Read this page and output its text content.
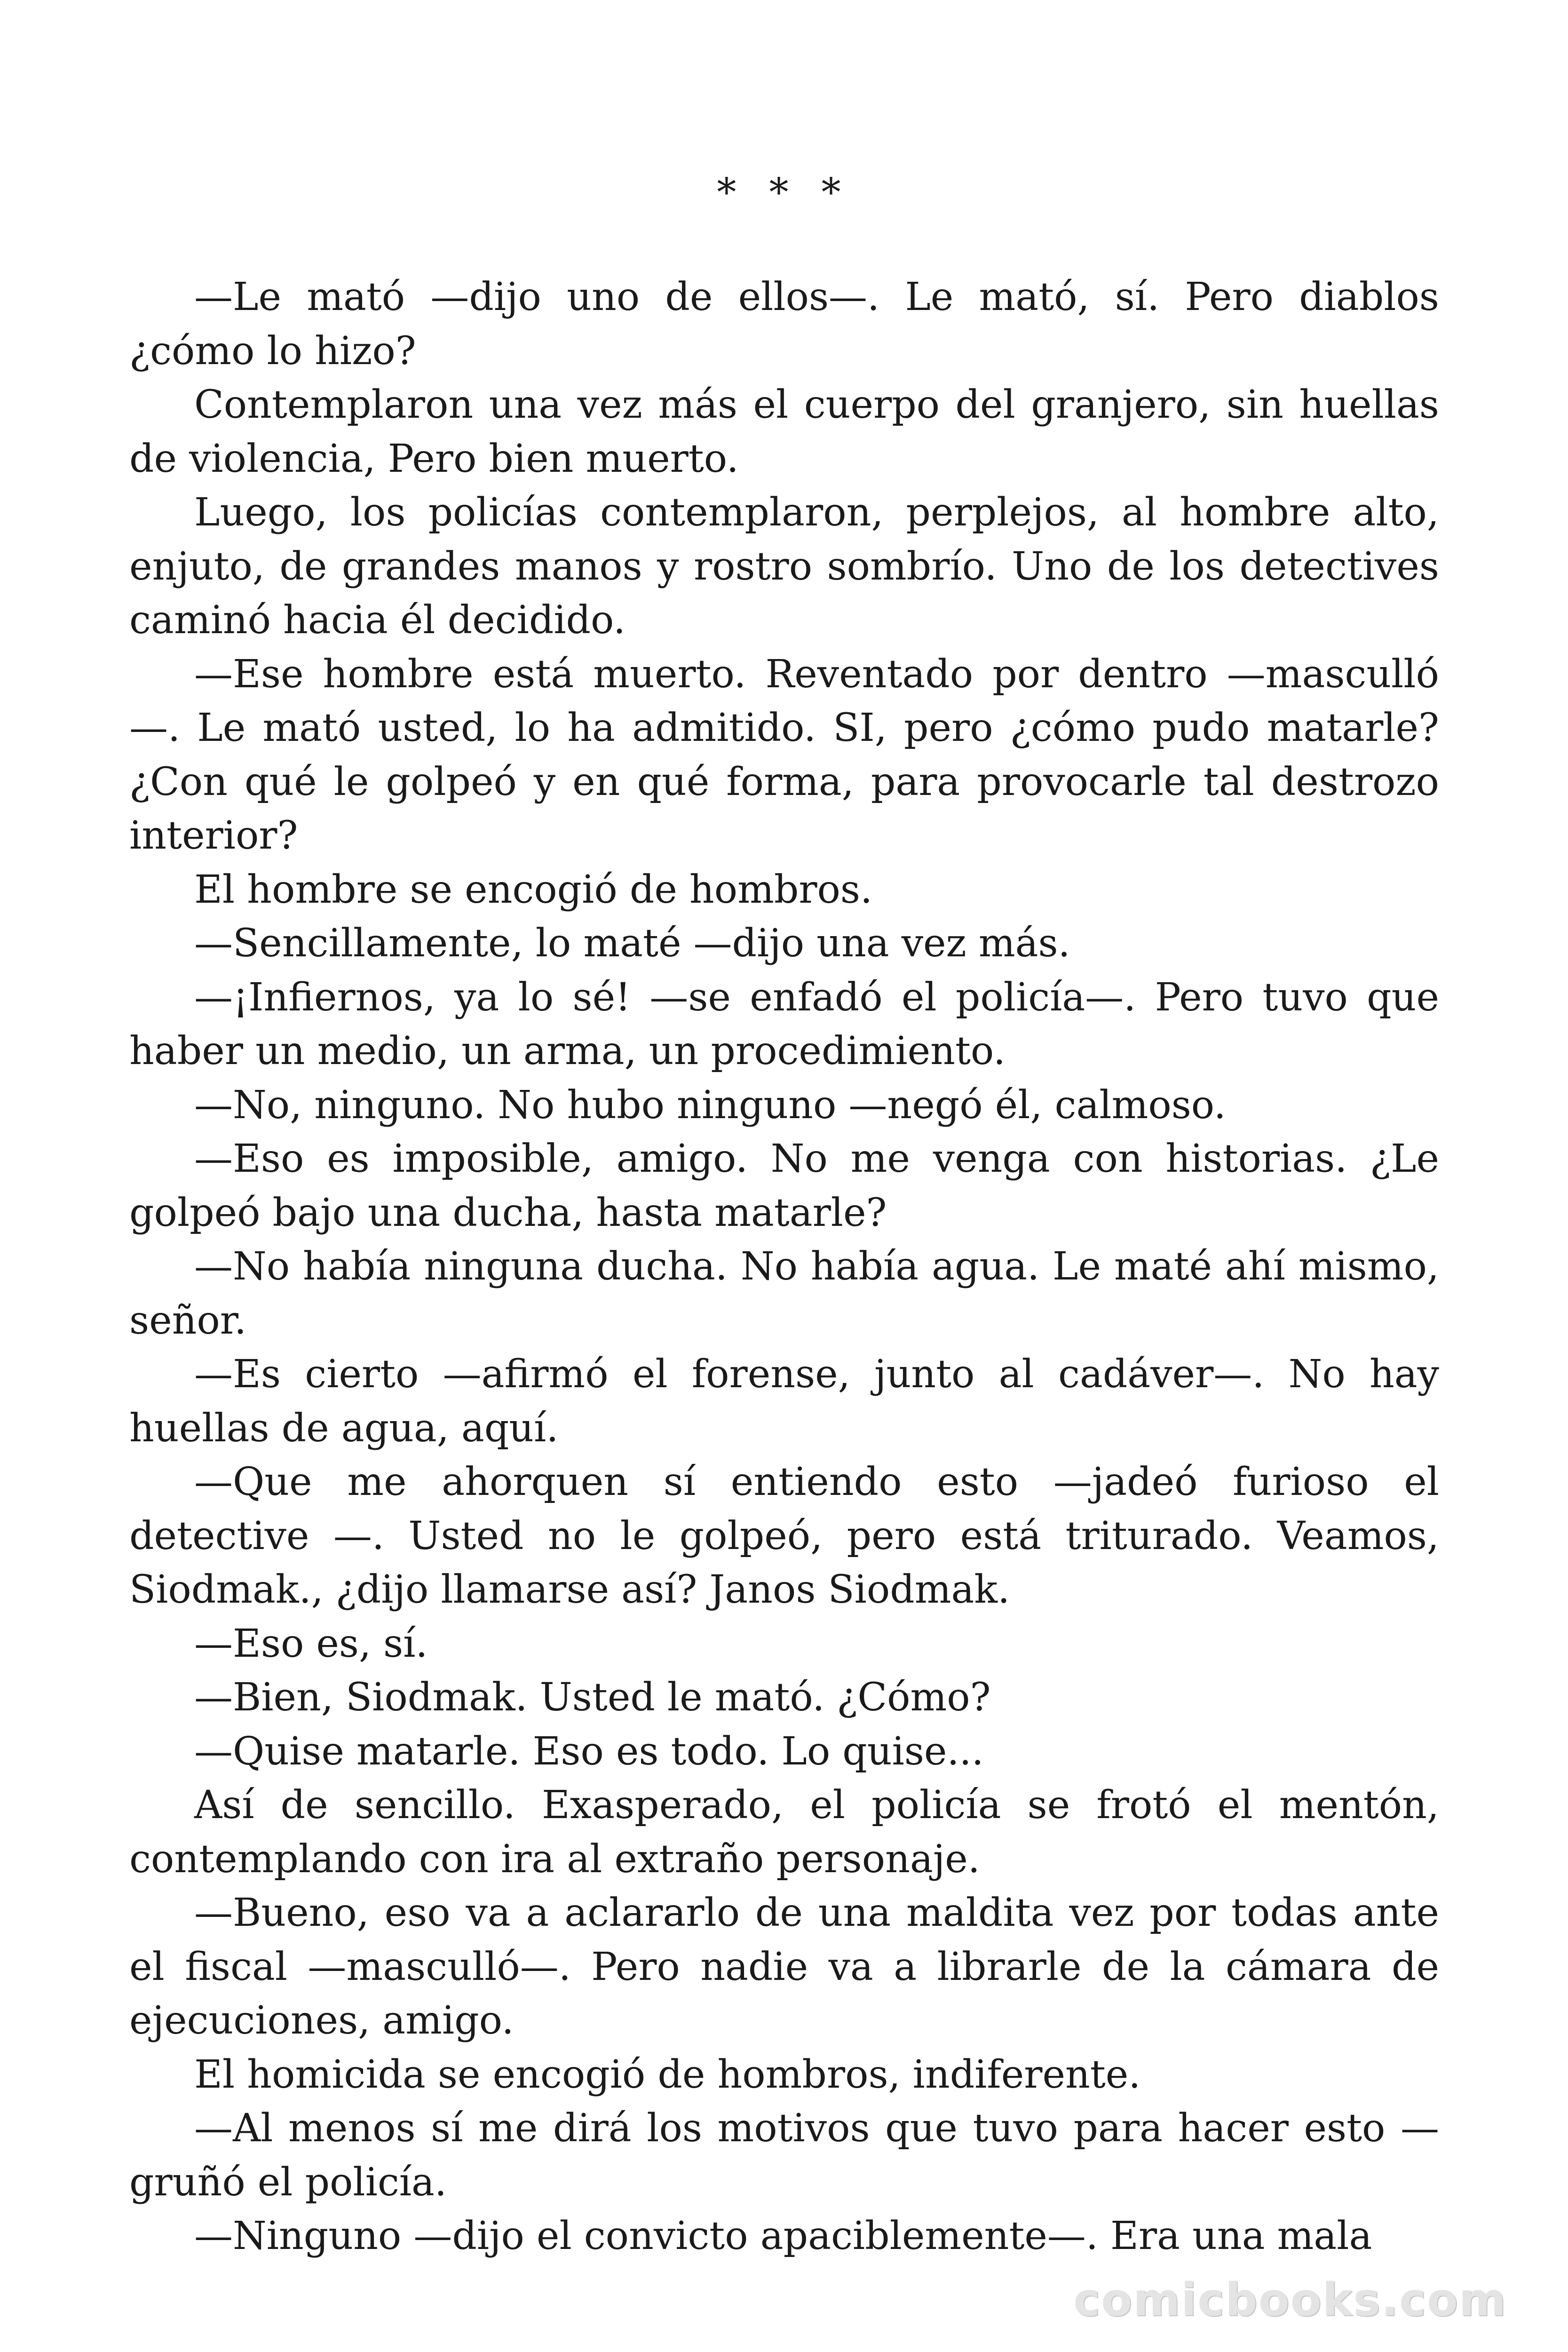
* * *

—Le mató —dijo uno de ellos—. Le mató, sí. Pero diablos ¿cómo lo hizo?

Contemplaron una vez más el cuerpo del granjero, sin huellas de violencia, Pero bien muerto.

Luego, los policías contemplaron, perplejos, al hombre alto, enjuto, de grandes manos y rostro sombrío. Uno de los detectives caminó hacia él decidido.

—Ese hombre está muerto. Reventado por dentro —mascullό—. Le mató usted, lo ha admitido. SI, pero ¿cómo pudo matarle? ¿Con qué le golpeó y en qué forma, para provocarle tal destrozo interior?

El hombre se encogió de hombros.

—Sencillamente, lo maté —dijo una vez más.

—¡Infiernos, ya lo sé! —se enfadó el policía—. Pero tuvo que haber un medio, un arma, un procedimiento.

—No, ninguno. No hubo ninguno —negó él, calmoso.

—Eso es imposible, amigo. No me venga con historias. ¿Le golpeó bajo una ducha, hasta matarle?

—No había ninguna ducha. No había agua. Le maté ahí mismo, señor.

—Es cierto —afirmó el forense, junto al cadáver—. No hay huellas de agua, aquí.

—Que me ahorquen sí entiendo esto —jadeó furioso el detective —. Usted no le golpeó, pero está triturado. Veamos, Siodmak., ¿dijo llamarse así? Janos Siodmak.

—Eso es, sí.

—Bien, Siodmak. Usted le mató. ¿Cómo?

—Quise matarle. Eso es todo. Lo quise...

Así de sencillo. Exasperado, el policía se frotó el mentón, contemplando con ira al extraño personaje.

—Bueno, eso va a aclararlo de una maldita vez por todas ante el fiscal —mascullό—. Pero nadie va a librarle de la cámara de ejecuciones, amigo.

El homicida se encogió de hombros, indiferente.

—Al menos sí me dirá los motivos que tuvo para hacer esto — gruñó el policía.

—Ninguno —dijo el convicto apaciblemente—. Era una mala

comicbooks.com
